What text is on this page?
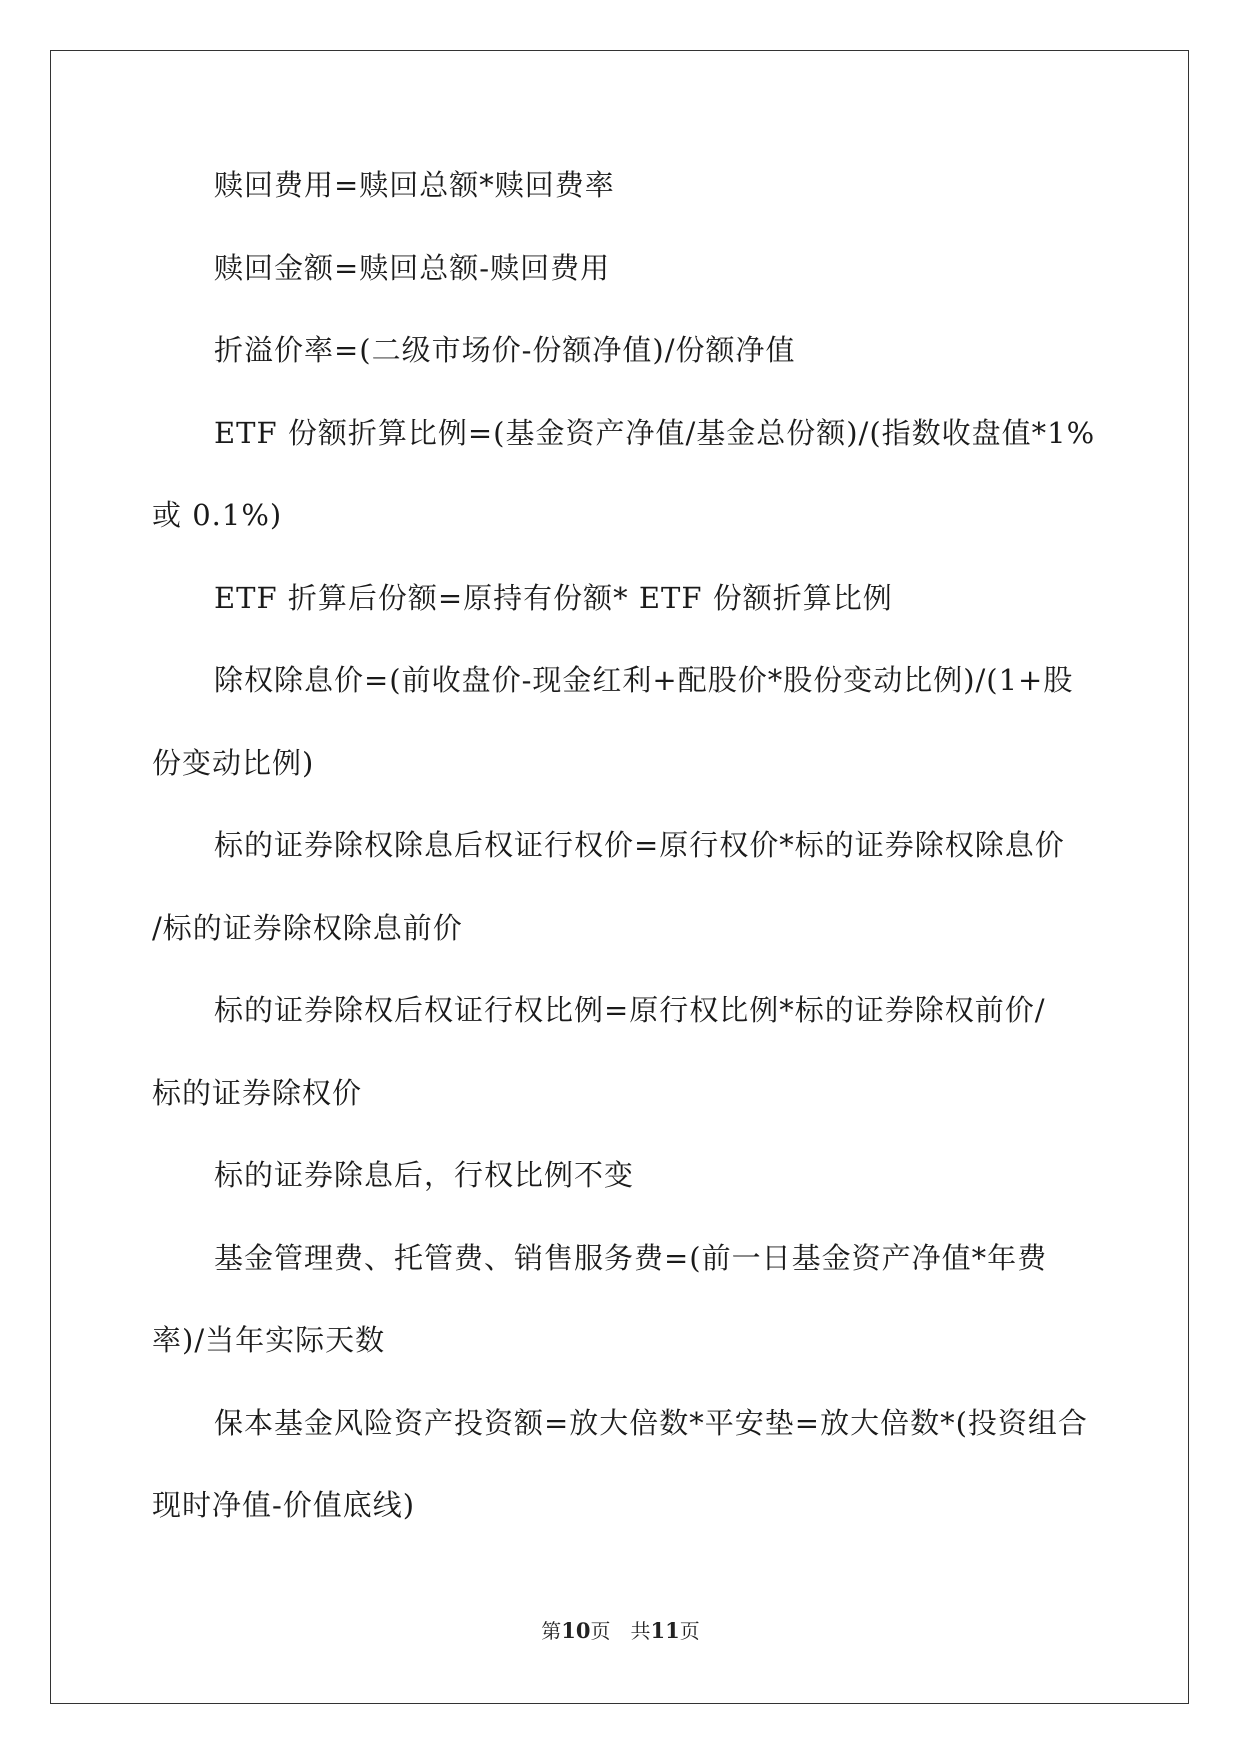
赎回费用=赎回总额*赎回费率
赎回金额=赎回总额-赎回费用
折溢价率=(二级市场价-份额净值)/份额净值
ETF 份额折算比例=(基金资产净值/基金总份额)/(指数收盘值*1%
或 0.1%)
ETF 折算后份额=原持有份额* ETF 份额折算比例
除权除息价=(前收盘价-现金红利+配股价*股份变动比例)/(1+股
份变动比例)
标的证券除权除息后权证行权价=原行权价*标的证券除权除息价
/标的证券除权除息前价
标的证券除权后权证行权比例=原行权比例*标的证券除权前价/
标的证券除权价
标的证券除息后，行权比例不变
基金管理费、托管费、销售服务费=(前一日基金资产净值*年费
率)/当年实际天数
保本基金风险资产投资额=放大倍数*平安垫=放大倍数*(投资组合
现时净值-价值底线)
第10页 共11页
